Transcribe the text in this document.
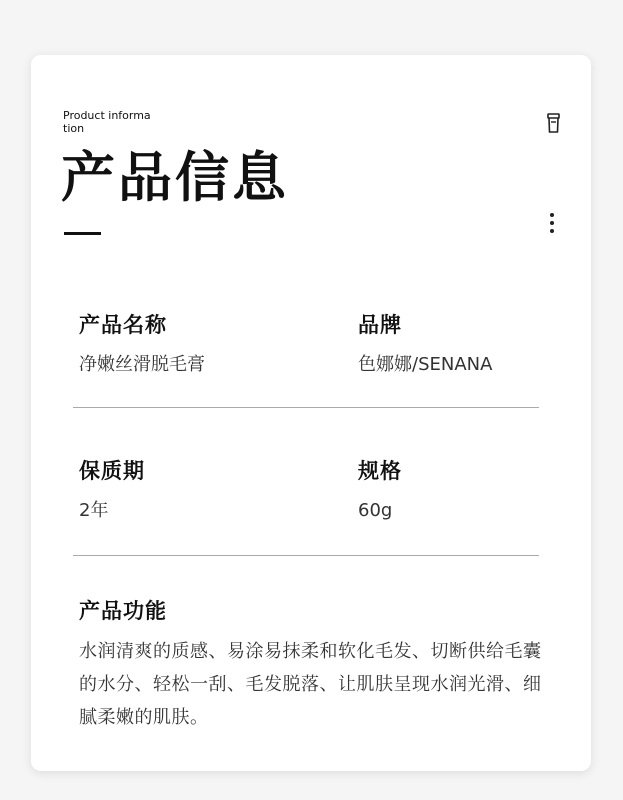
Product information
产品信息
产品名称
净嫩丝滑脱毛膏
品牌
色娜娜/SENANA
保质期
2年
规格
60g
产品功能
水润清爽的质感、易涂易抹柔和软化毛发、切断供给毛囊的水分、轻松一刮、毛发脱落、让肌肤呈现水润光滑、细腻柔嫩的肌肤。
